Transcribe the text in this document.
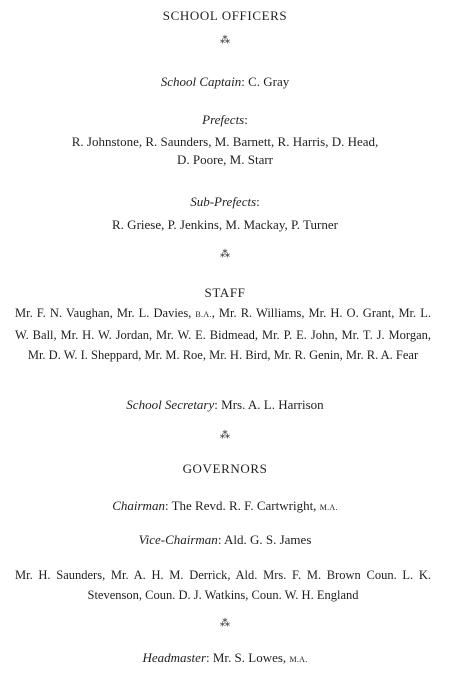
SCHOOL OFFICERS
⁂
School Captain: C. Gray
Prefects:
R. Johnstone, R. Saunders, M. Barnett, R. Harris, D. Head,
D. Poore, M. Starr
Sub-Prefects:
R. Griese, P. Jenkins, M. Mackay, P. Turner
⁂
STAFF
Mr. F. N. Vaughan, Mr. L. Davies, B.A., Mr. R. Williams, Mr. H. O. Grant, Mr. L. W. Ball, Mr. H. W. Jordan, Mr. W. E. Bidmead, Mr. P. E. John, Mr. T. J. Morgan, Mr. D. W. I. Sheppard, Mr. M. Roe, Mr. H. Bird, Mr. R. Genin, Mr. R. A. Fear
School Secretary: Mrs. A. L. Harrison
⁂
GOVERNORS
Chairman: The Revd. R. F. Cartwright, M.A.
Vice-Chairman: Ald. G. S. James
Mr. H. Saunders, Mr. A. H. M. Derrick, Ald. Mrs. F. M. Brown Coun. L. K. Stevenson, Coun. D. J. Watkins, Coun. W. H. England
⁂
Headmaster: Mr. S. Lowes, M.A.
